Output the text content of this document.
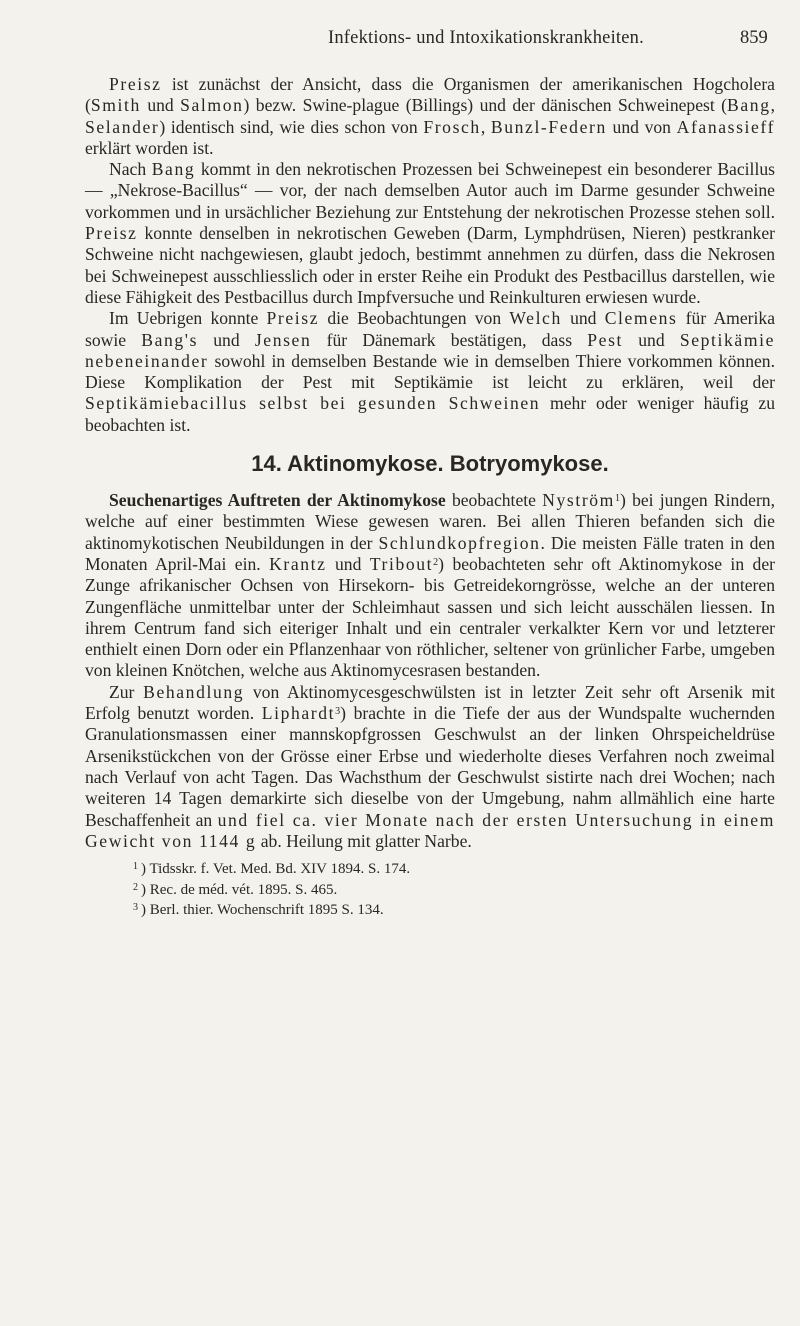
Infektions- und Intoxikationskrankheiten.	859

Preisz ist zunächst der Ansicht, dass die Organismen der amerikanischen Hogcholera (Smith und Salmon) bezw. Swine-plague (Billings) und der dänischen Schweinepest (Bang, Selander) identisch sind, wie dies schon von Frosch, Bunzl-Federn und von Afanassieff erklärt worden ist.

Nach Bang kommt in den nekrotischen Prozessen bei Schweinepest ein besonderer Bacillus — „Nekrose-Bacillus“ — vor, der nach demselben Autor auch im Darme gesunder Schweine vorkommen und in ursächlicher Beziehung zur Entstehung der nekrotischen Prozesse stehen soll. Preisz konnte denselben in nekrotischen Geweben (Darm, Lymphdrüsen, Nieren) pestkranker Schweine nicht nachgewiesen, glaubt jedoch, bestimmt annehmen zu dürfen, dass die Nekrosen bei Schweinepest ausschliesslich oder in erster Reihe ein Produkt des Pestbacillus darstellen, wie diese Fähigkeit des Pestbacillus durch Impfversuche und Reinkulturen erwiesen wurde.

Im Uebrigen konnte Preisz die Beobachtungen von Welch und Clemens für Amerika sowie Bang's und Jensen für Dänemark bestätigen, dass Pest und Septikämie nebeneinander sowohl in demselben Bestande wie in demselben Thiere vorkommen können. Diese Komplikation der Pest mit Septikämie ist leicht zu erklären, weil der Septikämiebacillus selbst bei gesunden Schweinen mehr oder weniger häufig zu beobachten ist.

14. Aktinomykose. Botryomykose.

Seuchenartiges Auftreten der Aktinomykose beobachtete Nyström$^1$) bei jungen Rindern, welche auf einer bestimmten Wiese gewesen waren. Bei allen Thieren befanden sich die aktinomykotischen Neubildungen in der Schlundkopfregion. Die meisten Fälle traten in den Monaten April-Mai ein. Krantz und Tribout$^2$) beobachteten sehr oft Aktinomykose in der Zunge afrikanischer Ochsen von Hirsekorn- bis Getreidekorngrösse, welche an der unteren Zungenfläche unmittelbar unter der Schleimhaut sassen und sich leicht ausschälen liessen. In ihrem Centrum fand sich eiteriger Inhalt und ein centraler verkalkter Kern vor und letzterer enthielt einen Dorn oder ein Pflanzenhaar von röthlicher, seltener von grünlicher Farbe, umgeben von kleinen Knötchen, welche aus Aktinomycesrasen bestanden.

Zur Behandlung von Aktinomycesgeschwülsten ist in letzter Zeit sehr oft Arsenik mit Erfolg benutzt worden. Liphardt$^3$) brachte in die Tiefe der aus der Wundspalte wuchernden Granulationsmassen einer mannskopfgrossen Geschwulst an der linken Ohrspeicheldrüse Arsenikstückchen von der Grösse einer Erbse und wiederholte dieses Verfahren noch zweimal nach Verlauf von acht Tagen. Das Wachsthum der Geschwulst sistirte nach drei Wochen; nach weiteren 14 Tagen demarkirte sich dieselbe von der Umgebung, nahm allmählich eine harte Beschaffenheit an und fiel ca. vier Monate nach der ersten Untersuchung in einem Gewicht von 1144 g ab. Heilung mit glatter Narbe.

$^1$ ) Tidsskr. f. Vet. Med. Bd. XIV 1894. S. 174.

$^2$ ) Rec. de méd. vét. 1895. S. 465.

$^3$ ) Berl. thier. Wochenschrift 1895 S. 134.
